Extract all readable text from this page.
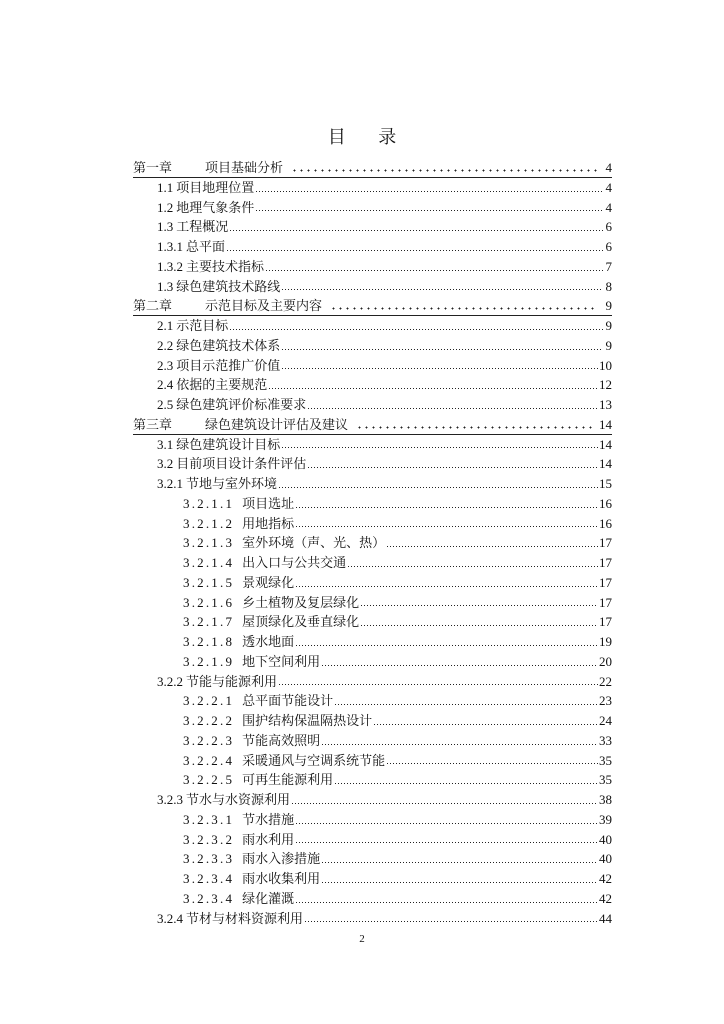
目 录
第一章	项目基础分析	4
1.1 项目地理位置	4
1.2 地理气象条件	4
1.3 工程概况	6
1.3.1 总平面	6
1.3.2 主要技术指标	7
1.3 绿色建筑技术路线	8
第二章	示范目标及主要内容	9
2.1 示范目标	9
2.2 绿色建筑技术体系	9
2.3 项目示范推广价值	10
2.4 依据的主要规范	12
2.5 绿色建筑评价标准要求	13
第三章	绿色建筑设计评估及建议	14
3.1 绿色建筑设计目标	14
3.2 目前项目设计条件评估	14
3.2.1 节地与室外环境	15
3.2.1.1 项目选址	16
3.2.1.2 用地指标	16
3.2.1.3 室外环境（声、光、热）	17
3.2.1.4 出入口与公共交通	17
3.2.1.5 景观绿化	17
3.2.1.6 乡土植物及复层绿化	17
3.2.1.7 屋顶绿化及垂直绿化	17
3.2.1.8 透水地面	19
3.2.1.9 地下空间利用	20
3.2.2 节能与能源利用	22
3.2.2.1 总平面节能设计	23
3.2.2.2 围护结构保温隔热设计	24
3.2.2.3 节能高效照明	33
3.2.2.4 采暖通风与空调系统节能	35
3.2.2.5 可再生能源利用	35
3.2.3 节水与水资源利用	38
3.2.3.1 节水措施	39
3.2.3.2 雨水利用	40
3.2.3.3 雨水入渗措施	40
3.2.3.4 雨水收集利用	42
3.2.3.4 绿化灌溉	42
3.2.4 节材与材料资源利用	44
2
